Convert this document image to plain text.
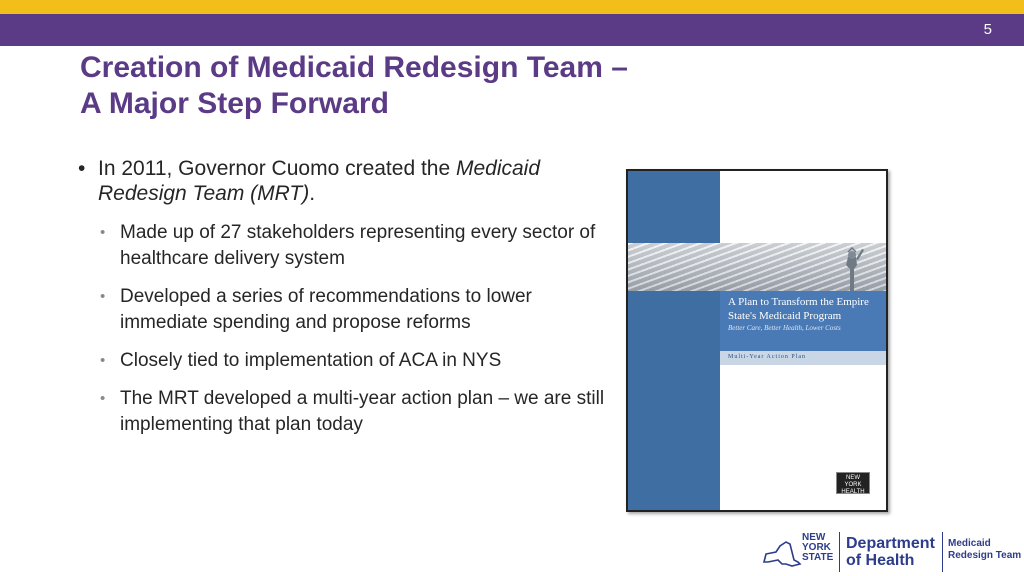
5
Creation of Medicaid Redesign Team –
A Major Step Forward
• In 2011, Governor Cuomo created the Medicaid Redesign Team (MRT).
• Made up of 27 stakeholders representing every sector of healthcare delivery system
• Developed a series of recommendations to lower immediate spending and propose reforms
• Closely tied to implementation of ACA in NYS
• The MRT developed a multi-year action plan – we are still implementing that plan today
A Plan to Transform the Empire State's Medicaid Program
Better Care, Better Health, Lower Costs
Multi-Year Action Plan
NEW YORK HEALTH
NEW
YORK
STATE
Department
of Health
Medicaid
Redesign Team
